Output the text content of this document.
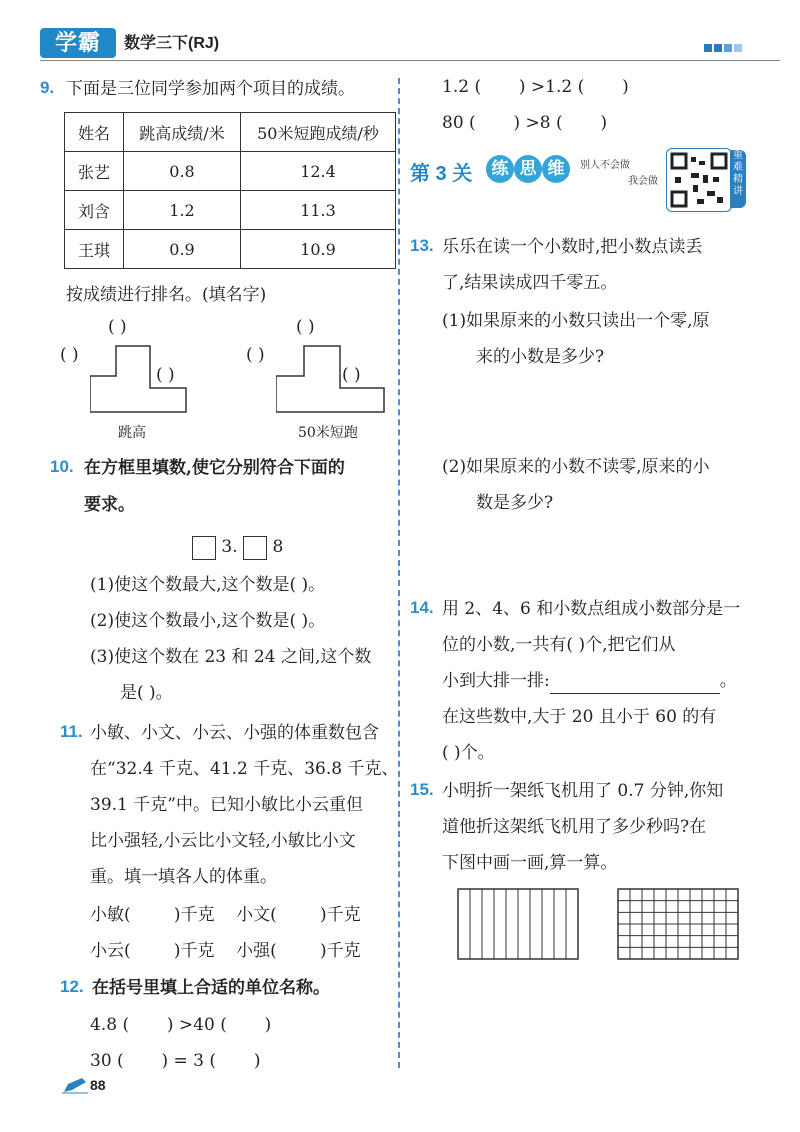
学霸	数学三下(RJ)
9. 下面是三位同学参加两个项目的成绩。
姓名	跳高成绩/米	50米短跑成绩/秒
张艺	0.8	12.4
刘含	1.2	11.3
王琪	0.9	10.9
按成绩进行排名。(填名字)
( )
( )
( )
跳高
( )
( )
( )
50米短跑
10. 在方框里填数,使它分别符合下面的
要求。
3. 8
(1)使这个数最大,这个数是( )。
(2)使这个数最小,这个数是( )。
(3)使这个数在 23 和 24 之间,这个数
是( )。
11. 小敏、小文、小云、小强的体重数包含
在“32.4 千克、41.2 千克、36.8 千克、
39.1 千克”中。已知小敏比小云重但
比小强轻,小云比小文轻,小敏比小文
重。填一填各人的体重。
小敏(        )千克    小文(        )千克
小云(        )千克    小强(        )千克
12. 在括号里填上合适的单位名称。
4.8 (       ) >40 (       )
30 (       ) = 3 (       )
88
1.2 (       ) >1.2 (       )
80 (       ) >8 (       )
第 3 关	练 思 维	别人不会做
我会做
重难精讲
13. 乐乐在读一个小数时,把小数点读丢
了,结果读成四千零五。
(1)如果原来的小数只读出一个零,原
来的小数是多少?
(2)如果原来的小数不读零,原来的小
数是多少?
14. 用 2、4、6 和小数点组成小数部分是一
位的小数,一共有( )个,把它们从
小到大排一排:	。
在这些数中,大于 20 且小于 60 的有
( )个。
15. 小明折一架纸飞机用了 0.7 分钟,你知
道他折这架纸飞机用了多少秒吗?在
下图中画一画,算一算。
